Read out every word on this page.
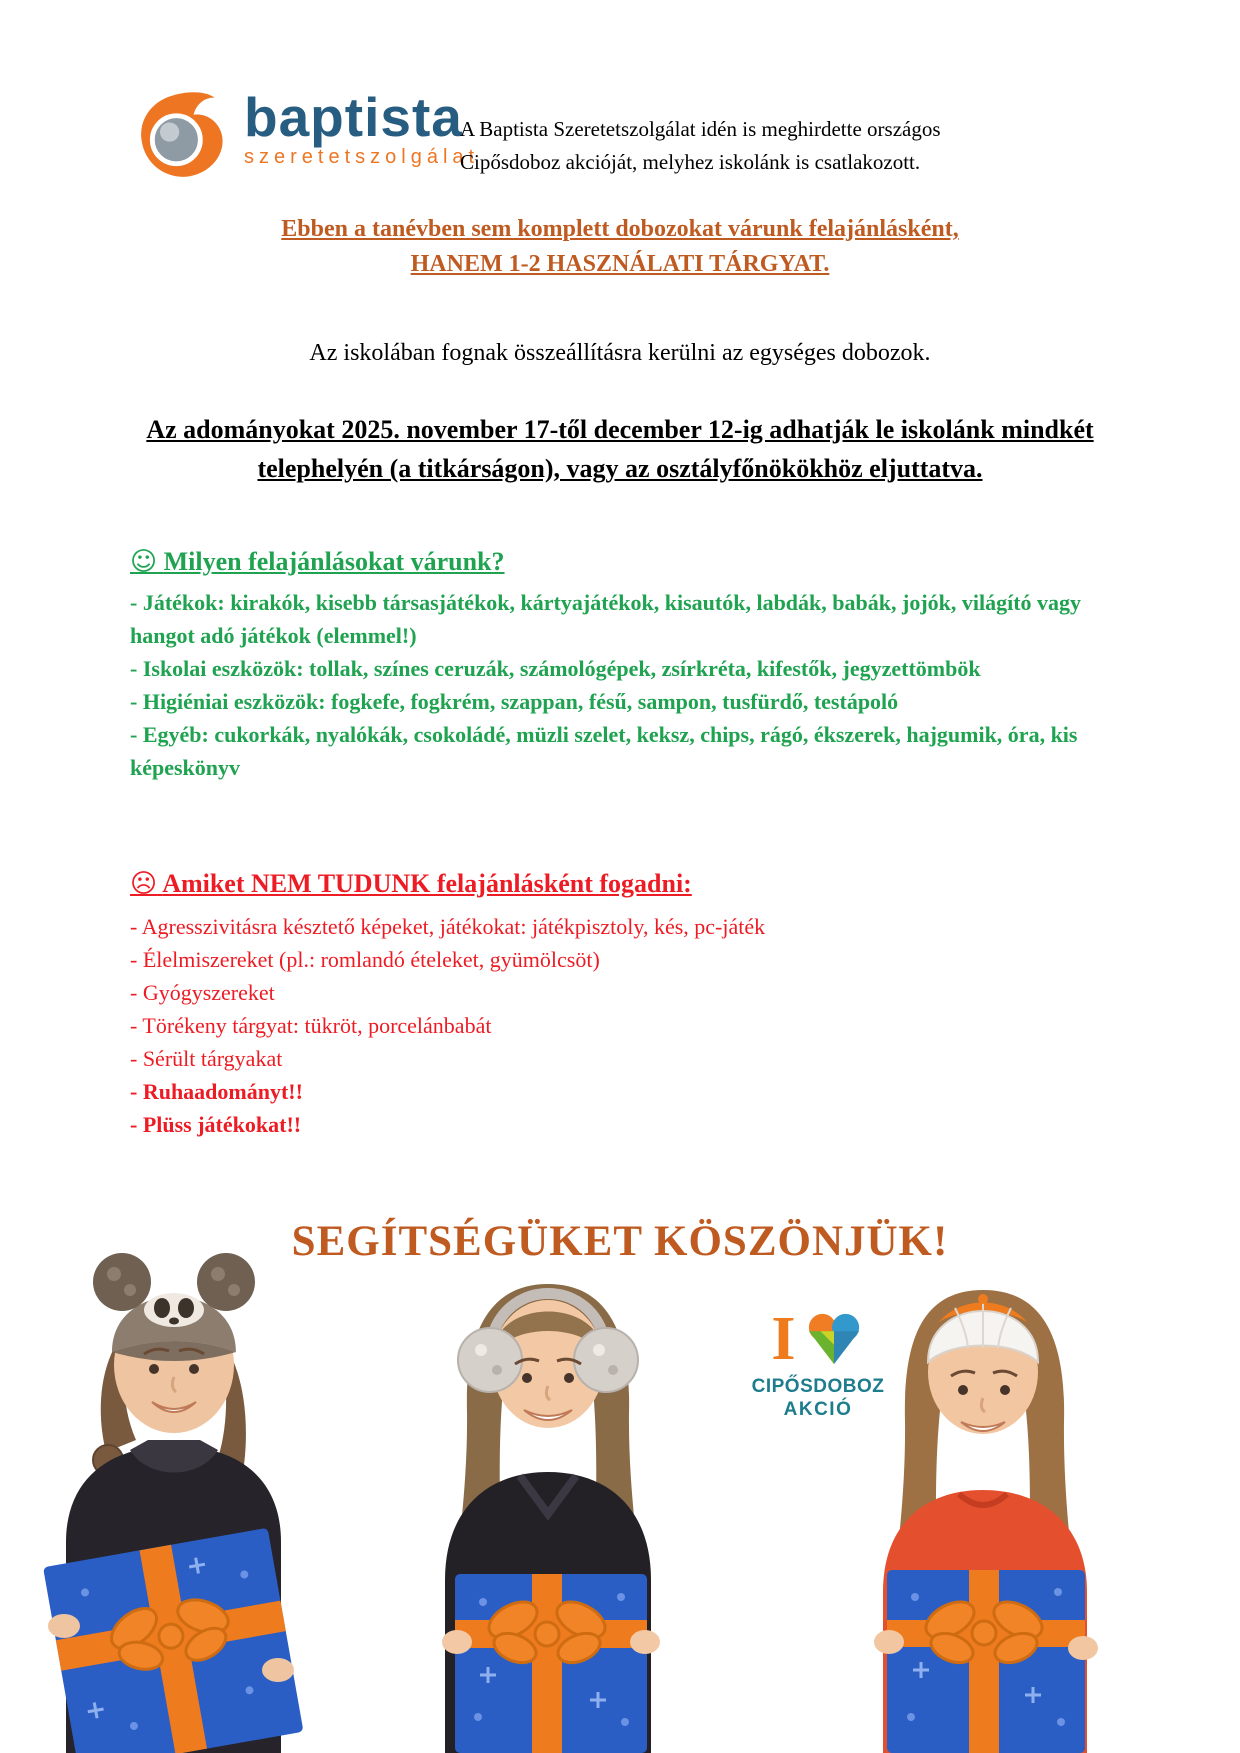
baptista
szeretetszolgálat

A Baptista Szeretetszolgálat idén is meghirdette országos Cipősdoboz akcióját, melyhez iskolánk is csatlakozott.

Ebben a tanévben sem komplett dobozokat várunk felajánlásként,
HANEM 1-2 HASZNÁLATI TÁRGYAT.

Az iskolában fognak összeállításra kerülni az egységes dobozok.

Az adományokat 2025. november 17-től december 12-ig adhatják le iskolánk mindkét telephelyén (a titkárságon), vagy az osztályfőnökökhöz eljuttatva.

☺ Milyen felajánlásokat várunk?

- Játékok: kirakók, kisebb társasjátékok, kártyajátékok, kisautók, labdák, babák, jojók, világító vagy hangot adó játékok (elemmel!)

- Iskolai eszközök: tollak, színes ceruzák, számológépek, zsírkréta, kifestők, jegyzettömbök

- Higiéniai eszközök: fogkefe, fogkrém, szappan, fésű, sampon, tusfürdő, testápoló

- Egyéb: cukorkák, nyalókák, csokoládé, müzli szelet, keksz, chips, rágó, ékszerek, hajgumik, óra, kis képeskönyv

☹ Amiket NEM TUDUNK felajánlásként fogadni:

- Agresszivitásra késztető képeket, játékokat: játékpisztoly, kés, pc-játék

- Élelmiszereket (pl.: romlandó ételeket, gyümölcsöt)

- Gyógyszereket

- Törékeny tárgyat: tükröt, porcelánbabát

- Sérült tárgyakat

- Ruhaadományt!!

- Plüss játékokat!!

SEGÍTSÉGÜKET KÖSZÖNJÜK!

I
CIPŐSDOBOZ
AKCIÓ
